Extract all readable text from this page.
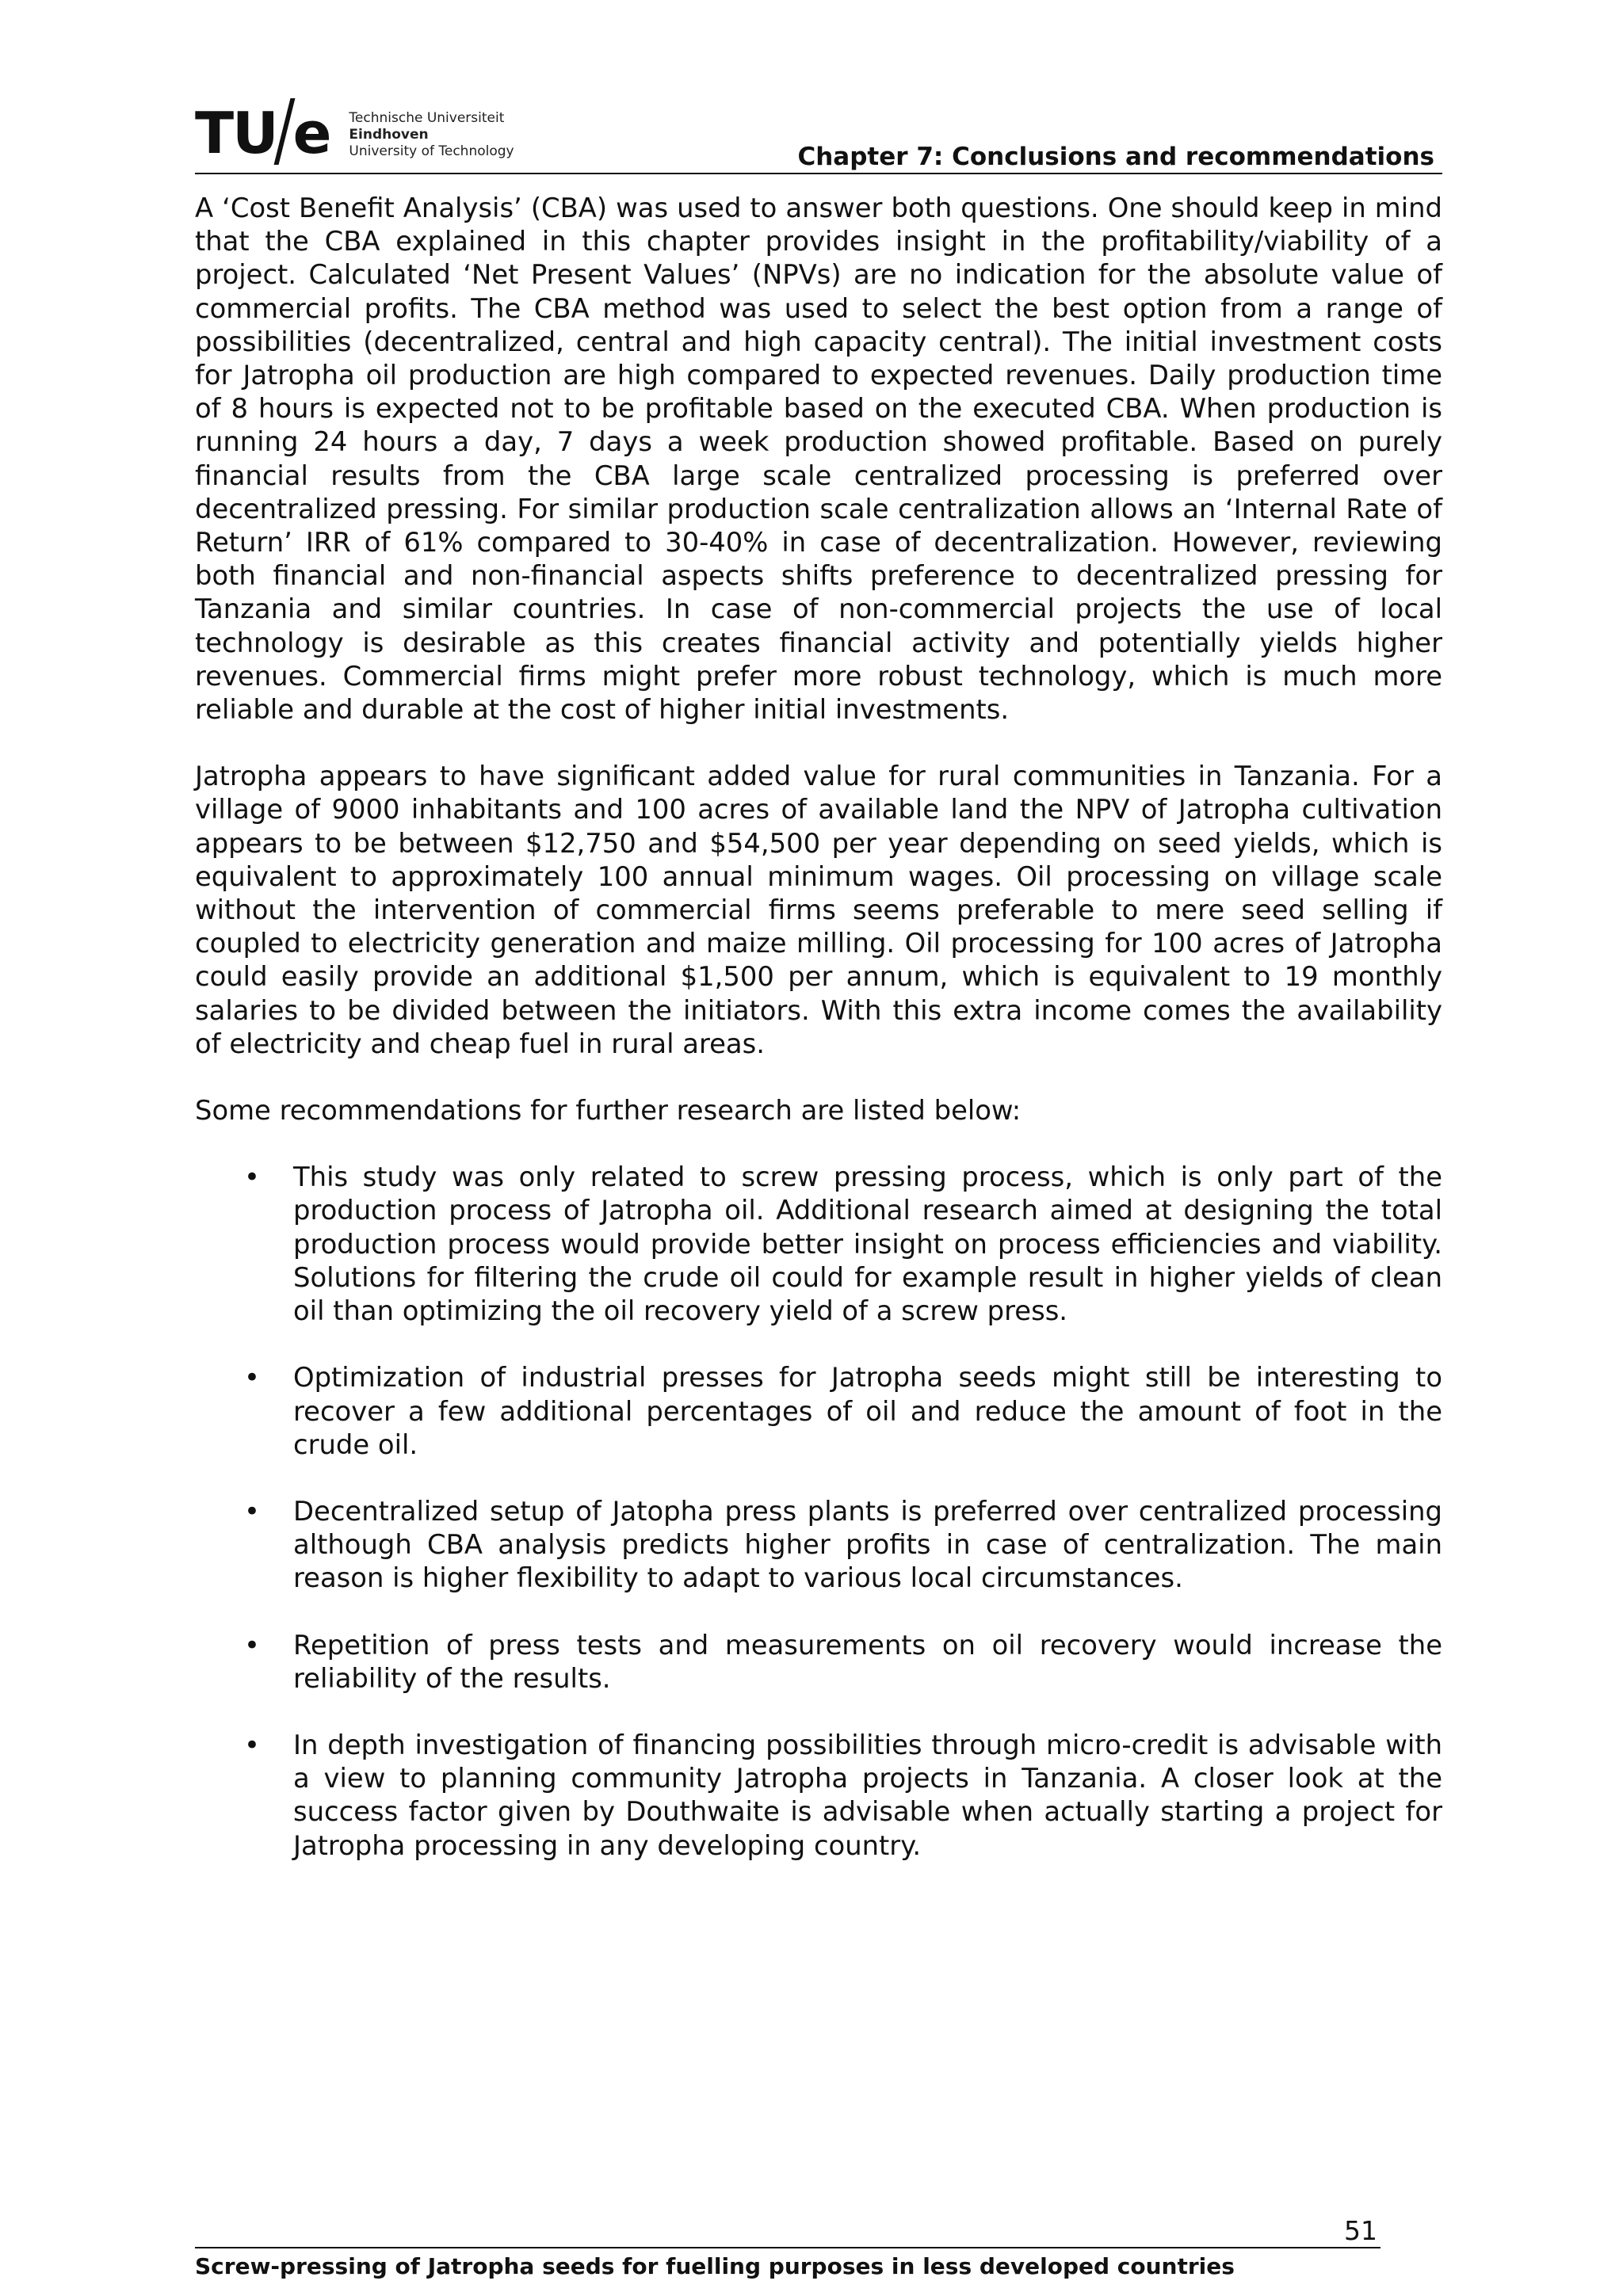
TU e Technische Universiteit
Eindhoven
University of Technology	Chapter 7: Conclusions and recommendations

A ‘Cost Benefit Analysis’ (CBA) was used to answer both questions. One should keep in mind that the CBA explained in this chapter provides insight in the profitability/viability of a project. Calculated ‘Net Present Values’ (NPVs) are no indication for the absolute value of commercial profits. The CBA method was used to select the best option from a range of possibilities (decentralized, central and high capacity central). The initial investment costs for Jatropha oil production are high compared to expected revenues. Daily production time of 8 hours is expected not to be profitable based on the executed CBA. When production is running 24 hours a day, 7 days a week production showed profitable. Based on purely financial results from the CBA large scale centralized processing is preferred over decentralized pressing. For similar production scale centralization allows an ‘Internal Rate of Return’ IRR of 61% compared to 30-40% in case of decentralization. However, reviewing both financial and non-financial aspects shifts preference to decentralized pressing for Tanzania and similar countries. In case of non-commercial projects the use of local technology is desirable as this creates financial activity and potentially yields higher revenues. Commercial firms might prefer more robust technology, which is much more reliable and durable at the cost of higher initial investments.

Jatropha appears to have significant added value for rural communities in Tanzania. For a village of 9000 inhabitants and 100 acres of available land the NPV of Jatropha cultivation appears to be between $12,750 and $54,500 per year depending on seed yields, which is equivalent to approximately 100 annual minimum wages. Oil processing on village scale without the intervention of commercial firms seems preferable to mere seed selling if coupled to electricity generation and maize milling. Oil processing for 100 acres of Jatropha could easily provide an additional $1,500 per annum, which is equivalent to 19 monthly salaries to be divided between the initiators. With this extra income comes the availability of electricity and cheap fuel in rural areas.

Some recommendations for further research are listed below:

• This study was only related to screw pressing process, which is only part of the production process of Jatropha oil. Additional research aimed at designing the total production process would provide better insight on process efficiencies and viability. Solutions for filtering the crude oil could for example result in higher yields of clean oil than optimizing the oil recovery yield of a screw press.
• Optimization of industrial presses for Jatropha seeds might still be interesting to recover a few additional percentages of oil and reduce the amount of foot in the crude oil.
• Decentralized setup of Jatopha press plants is preferred over centralized processing although CBA analysis predicts higher profits in case of centralization. The main reason is higher flexibility to adapt to various local circumstances.
• Repetition of press tests and measurements on oil recovery would increase the reliability of the results.
• In depth investigation of financing possibilities through micro-credit is advisable with a view to planning community Jatropha projects in Tanzania. A closer look at the success factor given by Douthwaite is advisable when actually starting a project for Jatropha processing in any developing country.
51
Screw-pressing of Jatropha seeds for fuelling purposes in less developed countries
